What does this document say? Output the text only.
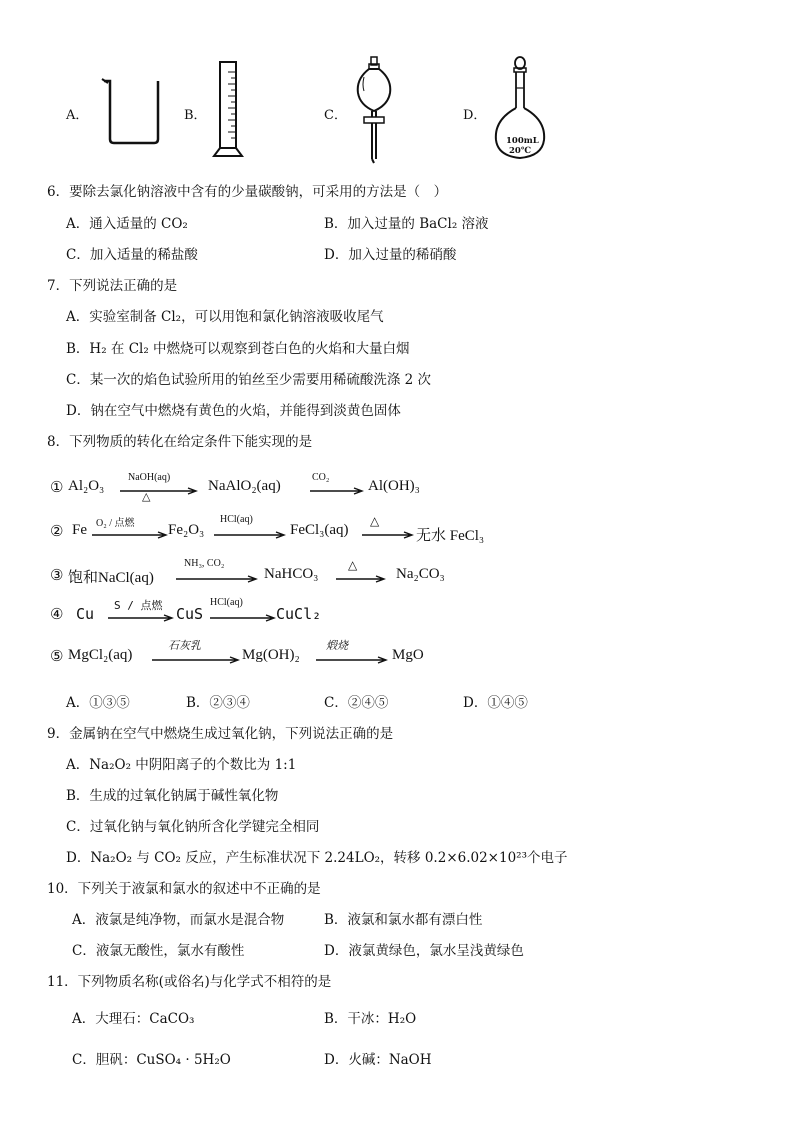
A．	B．	C．	D．
100mL
20℃
6．要除去氯化钠溶液中含有的少量碳酸钠，可采用的方法是（　）
A．通入适量的 CO₂	B．加入过量的 BaCl₂ 溶液
C．加入适量的稀盐酸	D．加入过量的稀硝酸
7．下列说法正确的是
A．实验室制备 Cl₂，可以用饱和氯化钠溶液吸收尾气
B．H₂ 在 Cl₂ 中燃烧可以观察到苍白色的火焰和大量白烟
C．某一次的焰色试验所用的铂丝至少需要用稀硫酸洗涤 2 次
D．钠在空气中燃烧有黄色的火焰，并能得到淡黄色固体
8．下列物质的转化在给定条件下能实现的是
① Al₂O₃
NaOH(aq)
△
NaAlO₂(aq)
CO₂
Al(OH)₃
② Fe O₂ / 点燃 Fe₂O₃
HCl(aq)
FeCl₃(aq)
△
无水 FeCl₃
③ 饱和NaCl(aq)
NH₃, CO₂
NaHCO₃
△
Na₂CO₃
④ Cu S / 点燃 CuS
HCl(aq)
CuCl₂
⑤ MgCl₂(aq)
石灰乳
Mg(OH)₂
煅烧
MgO
A．①③⑤	B．②③④	C．②④⑤	D．①④⑤
9．金属钠在空气中燃烧生成过氧化钠，下列说法正确的是
A．Na₂O₂ 中阴阳离子的个数比为 1:1
B．生成的过氧化钠属于碱性氧化物
C．过氧化钠与氧化钠所含化学键完全相同
D．Na₂O₂ 与 CO₂ 反应，产生标准状况下 2.24LO₂，转移 0.2×6.02×10²³个电子
10．下列关于液氯和氯水的叙述中不正确的是
A．液氯是纯净物，而氯水是混合物	B．液氯和氯水都有漂白性
C．液氯无酸性，氯水有酸性	D．液氯黄绿色，氯水呈浅黄绿色
11．下列物质名称(或俗名)与化学式不相符的是
A．大理石：CaCO₃	B．干冰：H₂O
C．胆矾：CuSO₄ · 5H₂O	D．火碱：NaOH
